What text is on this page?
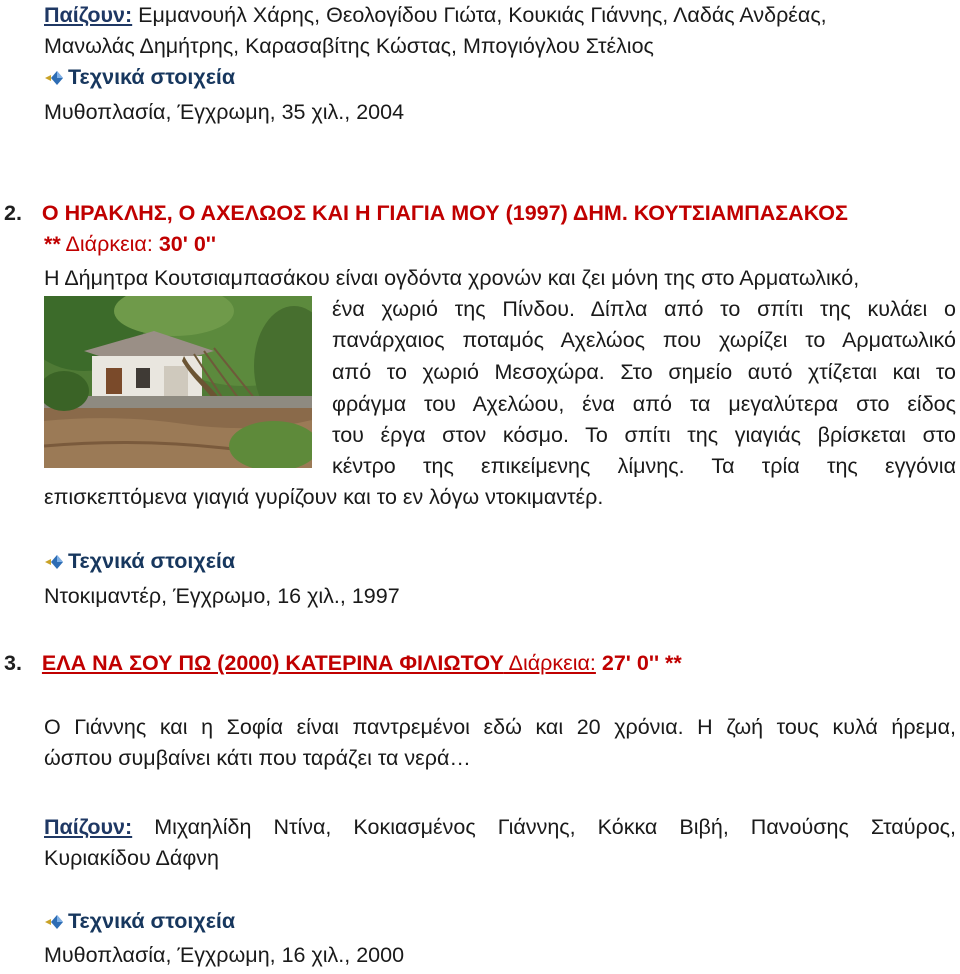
Παίζουν: Εμμανουήλ Χάρης, Θεολογίδου Γιώτα, Κουκιάς Γιάννης, Λαδάς Ανδρέας,
Μανωλάς Δημήτρης, Καρασαβίτης Κώστας, Μπογιόγλου Στέλιος
Τεχνικά στοιχεία
Μυθοπλασία, Έγχρωμη, 35 χιλ., 2004
2. Ο ΗΡΑΚΛΗΣ, Ο ΑΧΕΛΩΟΣ ΚΑΙ Η ΓΙΑΓΙΑ ΜΟΥ (1997) ΔΗΜ. ΚΟΥΤΣΙΑΜΠΑΣΑΚΟΣ
** Διάρκεια: 30' 0''
Η Δήμητρα Κουτσιαμπασάκου είναι ογδόντα χρονών και ζει μόνη της στο Αρματωλικό,
ένα χωριό της Πίνδου. Δίπλα από το σπίτι της κυλάει ο
πανάρχαιος ποταμός Αχελώος που χωρίζει το Αρματωλικό
από το χωριό Μεσοχώρα. Στο σημείο αυτό χτίζεται και το
φράγμα του Αχελώου, ένα από τα μεγαλύτερα στο είδος
του έργα στον κόσμο. Το σπίτι της γιαγιάς βρίσκεται στο
κέντρο της επικείμενης λίμνης. Τα τρία της εγγόνια
επισκεπτόμενα γιαγιά γυρίζουν και το εν λόγω ντοκιμαντέρ.
Τεχνικά στοιχεία
Ντοκιμαντέρ, Έγχρωμο, 16 χιλ., 1997
3. ΕΛΑ ΝΑ ΣΟΥ ΠΩ (2000) ΚΑΤΕΡΙΝΑ ΦΙΛΙΩΤΟΥ Διάρκεια: 27' 0'' **
Ο Γιάννης και η Σοφία είναι παντρεμένοι εδώ και 20 χρόνια. Η ζωή τους κυλά ήρεμα,
ώσπου συμβαίνει κάτι που ταράζει τα νερά…
Παίζουν: Μιχαηλίδη Ντίνα, Κοκιασμένος Γιάννης, Κόκκα Βιβή, Πανούσης Σταύρος,
Κυριακίδου Δάφνη
Τεχνικά στοιχεία
Μυθοπλασία, Έγχρωμη, 16 χιλ., 2000
